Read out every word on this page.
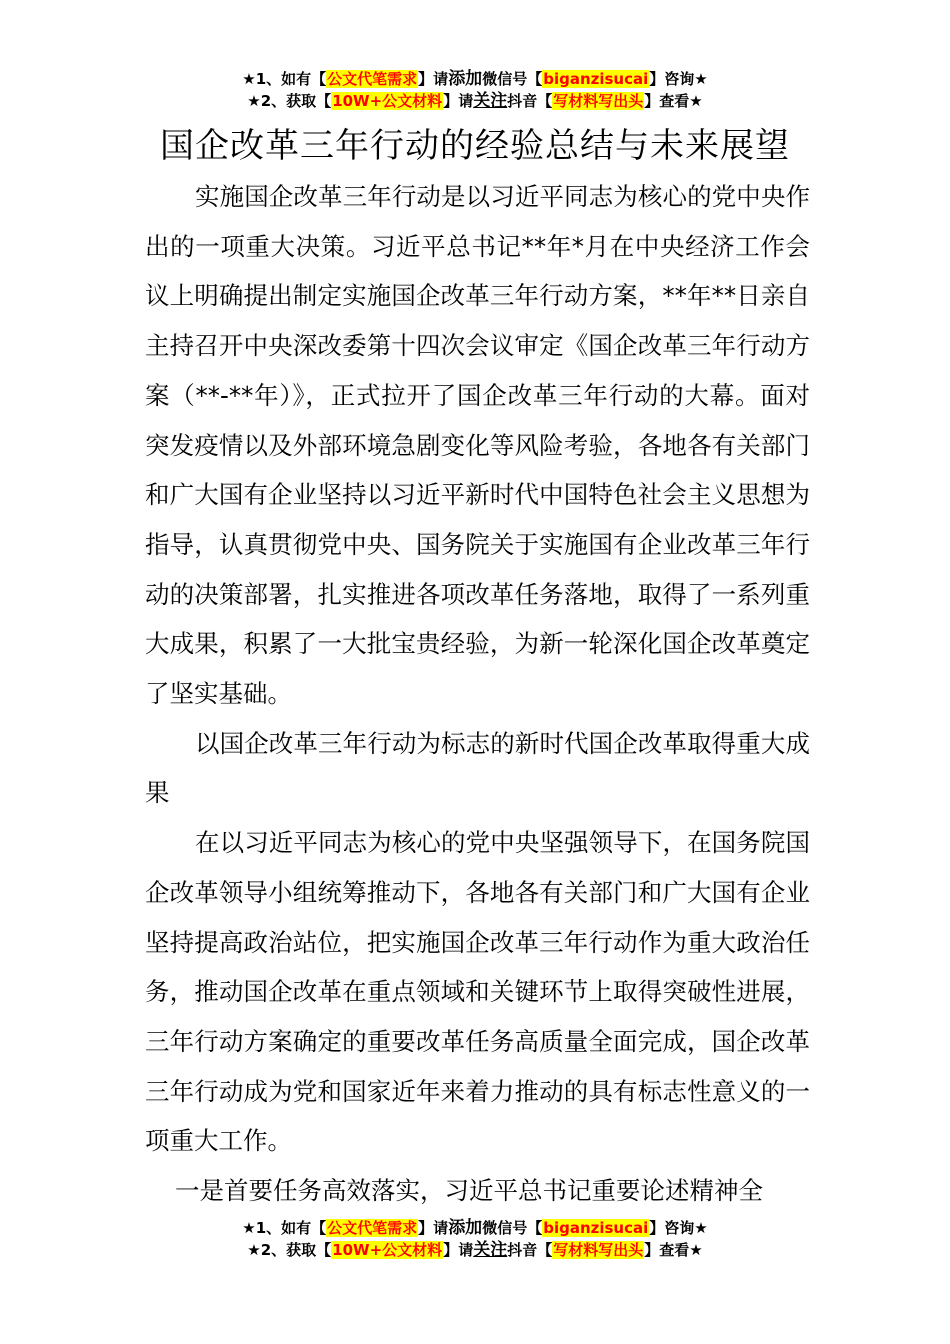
★1、如有【公文代笔需求】请添加微信号【biganzisucai】咨询★
★2、获取【10W+公文材料】请关注抖音【写材料写出头】查看★
国企改革三年行动的经验总结与未来展望

实施国企改革三年行动是以习近平同志为核心的党中央作出的一项重大决策。习近平总书记**年*月在中央经济工作会议上明确提出制定实施国企改革三年行动方案，**年**日亲自主持召开中央深改委第十四次会议审定《国企改革三年行动方案（**-**年）》，正式拉开了国企改革三年行动的大幕。面对突发疫情以及外部环境急剧变化等风险考验，各地各有关部门和广大国有企业坚持以习近平新时代中国特色社会主义思想为指导，认真贯彻党中央、国务院关于实施国有企业改革三年行动的决策部署，扎实推进各项改革任务落地，取得了一系列重大成果，积累了一大批宝贵经验，为新一轮深化国企改革奠定了坚实基础。

以国企改革三年行动为标志的新时代国企改革取得重大成果

在以习近平同志为核心的党中央坚强领导下，在国务院国企改革领导小组统筹推动下，各地各有关部门和广大国有企业坚持提高政治站位，把实施国企改革三年行动作为重大政治任务，推动国企改革在重点领域和关键环节上取得突破性进展，三年行动方案确定的重要改革任务高质量全面完成，国企改革三年行动成为党和国家近年来着力推动的具有标志性意义的一项重大工作。

一是首要任务高效落实，习近平总书记重要论述精神全

★1、如有【公文代笔需求】请添加微信号【biganzisucai】咨询★
★2、获取【10W+公文材料】请关注抖音【写材料写出头】查看★
